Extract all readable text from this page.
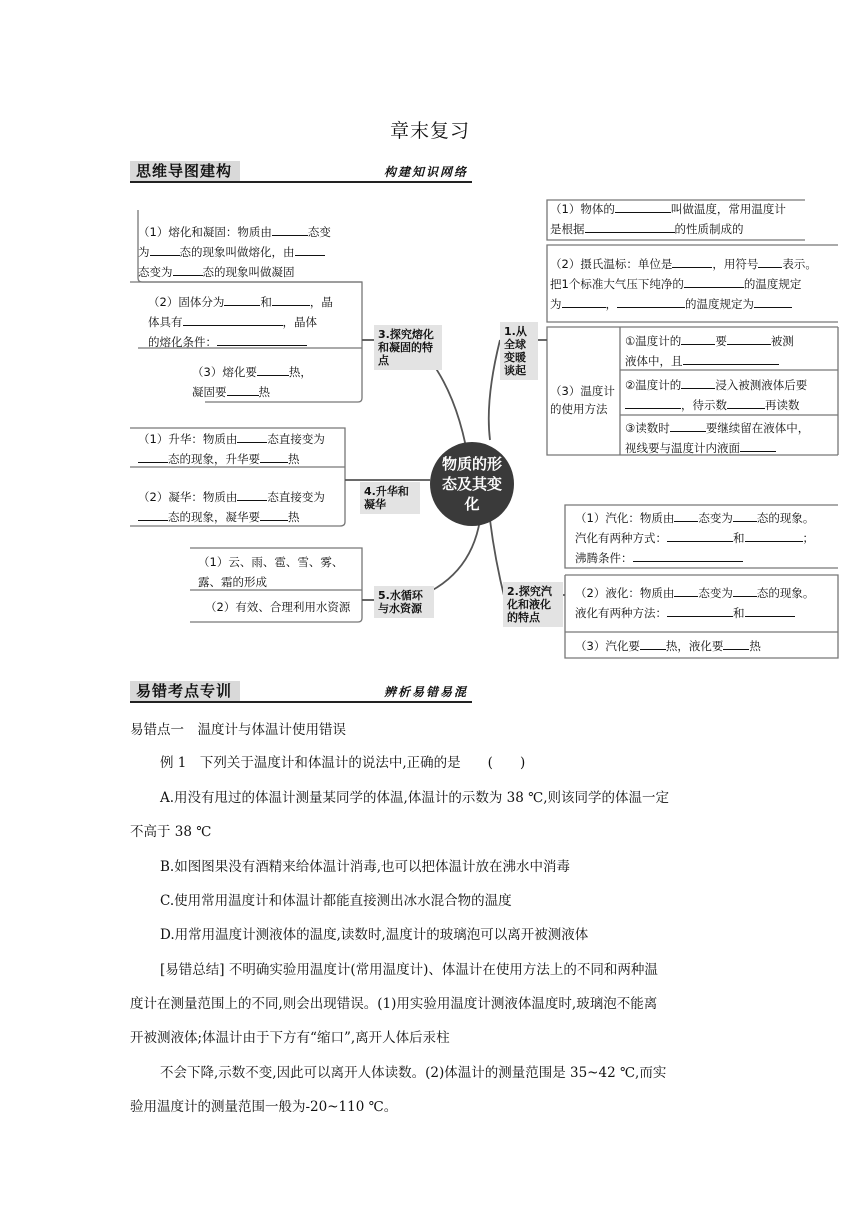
章末复习
思维导图建构	构建知识网络
物质的形态及其变化
3.探究熔化和凝固的特点
1.从全球变暖谈起
4.升华和凝华
5.水循环与水资源
2.探究汽化和液化的特点
（1）熔化和凝固：物质由	态变
为	态的现象叫做熔化，由
态变为	态的现象叫做凝固
（2）固体分为	和	，晶
体具有	，晶体
的熔化条件：
（3）熔化要	热，
凝固要	热
（1）升华：物质由	态直接变为
态的现象，升华要 热
（2）凝华：物质由	态直接变为
态的现象，凝华要 热
（1）云、雨、雹、雪、雾、
露、霜的形成
（2）有效、合理利用水资源
（1）物体的	叫做温度，常用温度计
是根据	的性质制成的
（2）摄氏温标：单位是	，用符号 表示。
把1个标准大气压下纯净的	的温度规定
为	，	的温度规定为
（3）温度计的使用方法
①温度计的	要	被测
液体中，且
②温度计的	浸入被测液体后要
，待示数	再读数
③读数时	要继续留在液体中，
视线要与温度计内液面
（1）汽化：物质由 态变为 态的现象。
汽化有两种方式：	和	；
沸腾条件：
（2）液化：物质由 态变为 态的现象。
液化有两种方法：	和
（3）汽化要 热，液化要 热
易错考点专训	辨析易错易混
易错点一　温度计与体温计使用错误
例 1　下列关于温度计和体温计的说法中,正确的是　　(　　)
A.用没有甩过的体温计测量某同学的体温,体温计的示数为 38 ℃,则该同学的体温一定
不高于 38 ℃
B.如图图果没有酒精来给体温计消毒,也可以把体温计放在沸水中消毒
C.使用常用温度计和体温计都能直接测出冰水混合物的温度
D.用常用温度计测液体的温度,读数时,温度计的玻璃泡可以离开被测液体
[易错总结] 不明确实验用温度计(常用温度计)、体温计在使用方法上的不同和两种温
度计在测量范围上的不同,则会出现错误。(1)用实验用温度计测液体温度时,玻璃泡不能离
开被测液体;体温计由于下方有“缩口”,离开人体后汞柱
不会下降,示数不变,因此可以离开人体读数。(2)体温计的测量范围是 35~42 ℃,而实
验用温度计的测量范围一般为-20~110 ℃。
